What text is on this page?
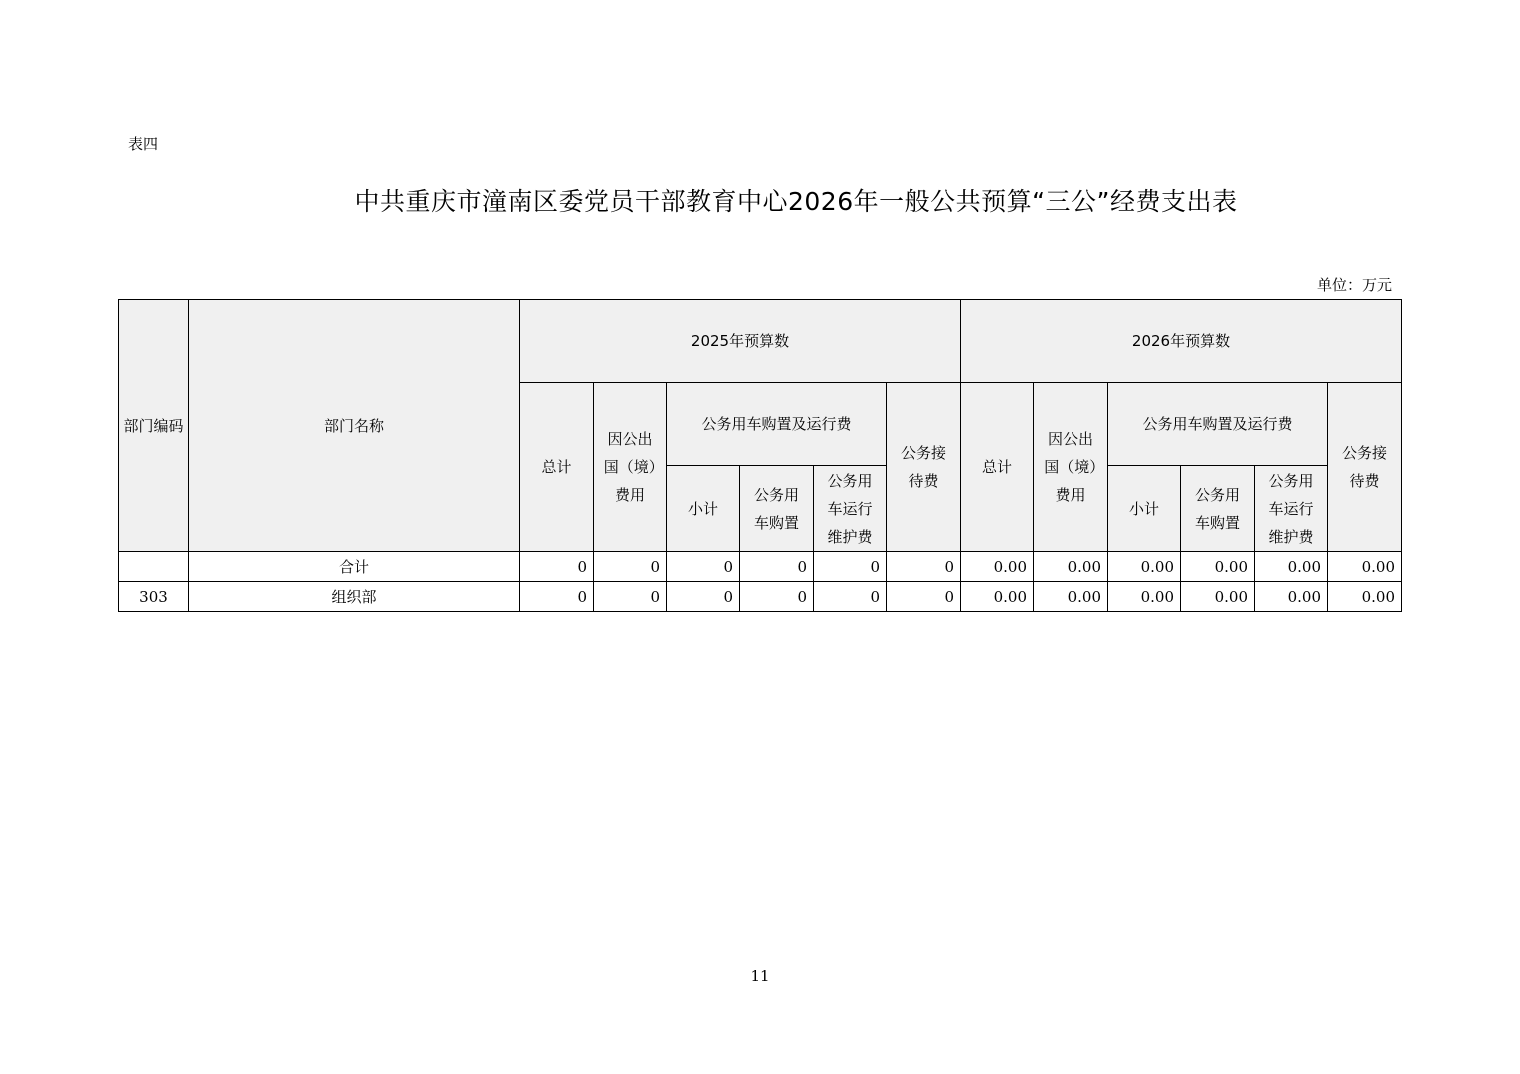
表四
中共重庆市潼南区委党员干部教育中心2026年一般公共预算“三公”经费支出表
单位：万元
部门编码	部门名称	2025年预算数						2026年预算数					
		总计	因公出国（境）费用	公务用车购置及运行费			公务接待费	总计	因公出国（境）费用	公务用车购置及运行费			公务接待费
				小计	公务用车购置	公务用车运行维护费				小计	公务用车购置	公务用车运行维护费	
	合计	0	0	0	0	0	0	0.00	0.00	0.00	0.00	0.00	0.00
303	组织部	0	0	0	0	0	0	0.00	0.00	0.00	0.00	0.00	0.00
11
